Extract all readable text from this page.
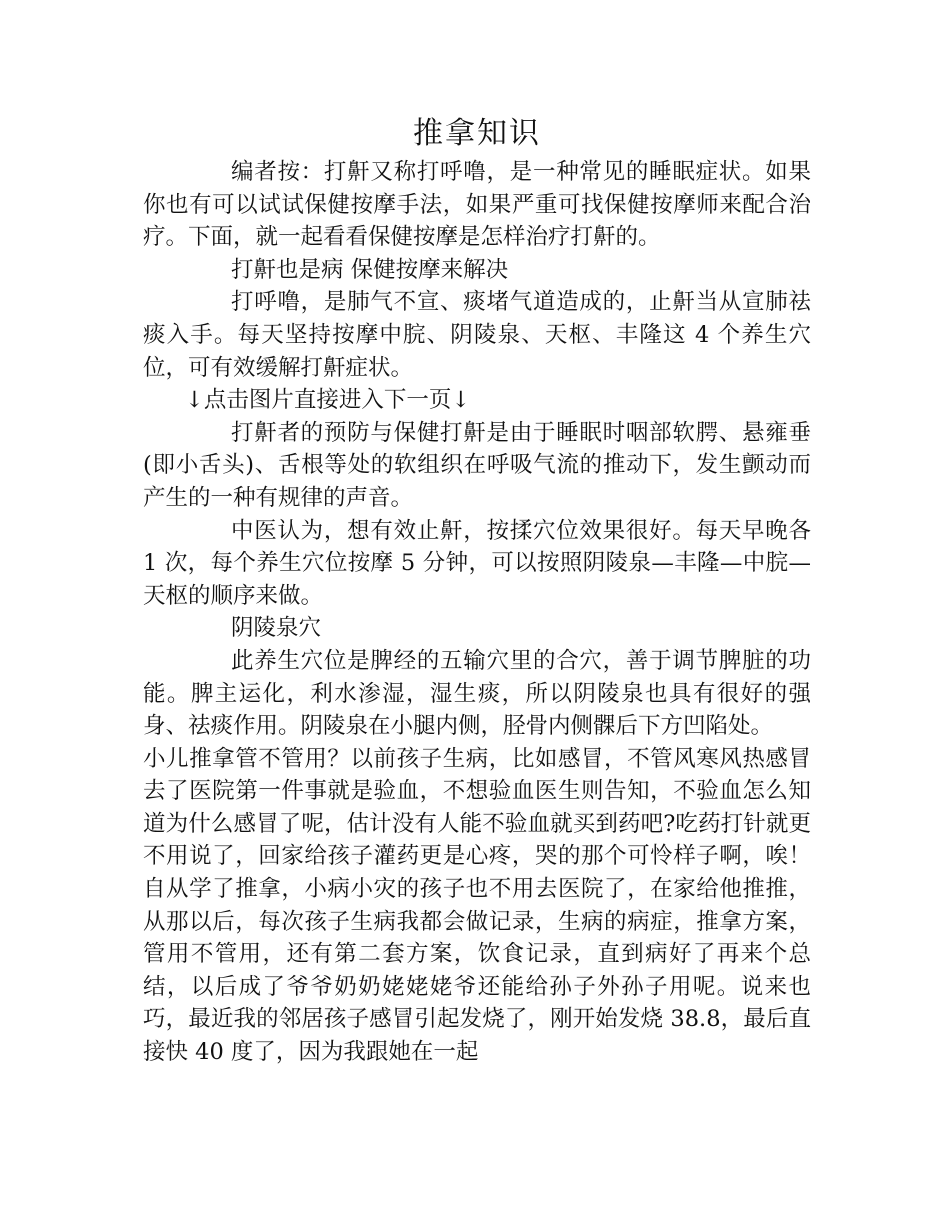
推拿知识

编者按：打鼾又称打呼噜，是一种常见的睡眠症状。如果你也有可以试试保健按摩手法，如果严重可找保健按摩师来配合治疗。下面，就一起看看保健按摩是怎样治疗打鼾的。

打鼾也是病 保健按摩来解决

打呼噜，是肺气不宣、痰堵气道造成的，止鼾当从宣肺祛痰入手。每天坚持按摩中脘、阴陵泉、天枢、丰隆这 4 个养生穴位，可有效缓解打鼾症状。

↓点击图片直接进入下一页↓

打鼾者的预防与保健打鼾是由于睡眠时咽部软腭、悬雍垂(即小舌头)、舌根等处的软组织在呼吸气流的推动下，发生颤动而产生的一种有规律的声音。

中医认为，想有效止鼾，按揉穴位效果很好。每天早晚各 1 次，每个养生穴位按摩 5 分钟，可以按照阴陵泉—丰隆—中脘—天枢的顺序来做。

阴陵泉穴

此养生穴位是脾经的五输穴里的合穴，善于调节脾脏的功能。脾主运化，利水渗湿，湿生痰，所以阴陵泉也具有很好的强身、祛痰作用。阴陵泉在小腿内侧，胫骨内侧髁后下方凹陷处。

小儿推拿管不管用？以前孩子生病，比如感冒，不管风寒风热感冒去了医院第一件事就是验血，不想验血医生则告知，不验血怎么知道为什么感冒了呢，估计没有人能不验血就买到药吧?吃药打针就更不用说了，回家给孩子灌药更是心疼，哭的那个可怜样子啊，唉！自从学了推拿，小病小灾的孩子也不用去医院了，在家给他推推，从那以后，每次孩子生病我都会做记录，生病的病症，推拿方案，管用不管用，还有第二套方案，饮食记录，直到病好了再来个总结，以后成了爷爷奶奶姥姥姥爷还能给孙子外孙子用呢。说来也巧，最近我的邻居孩子感冒引起发烧了，刚开始发烧 38.8，最后直接快 40 度了，因为我跟她在一起
